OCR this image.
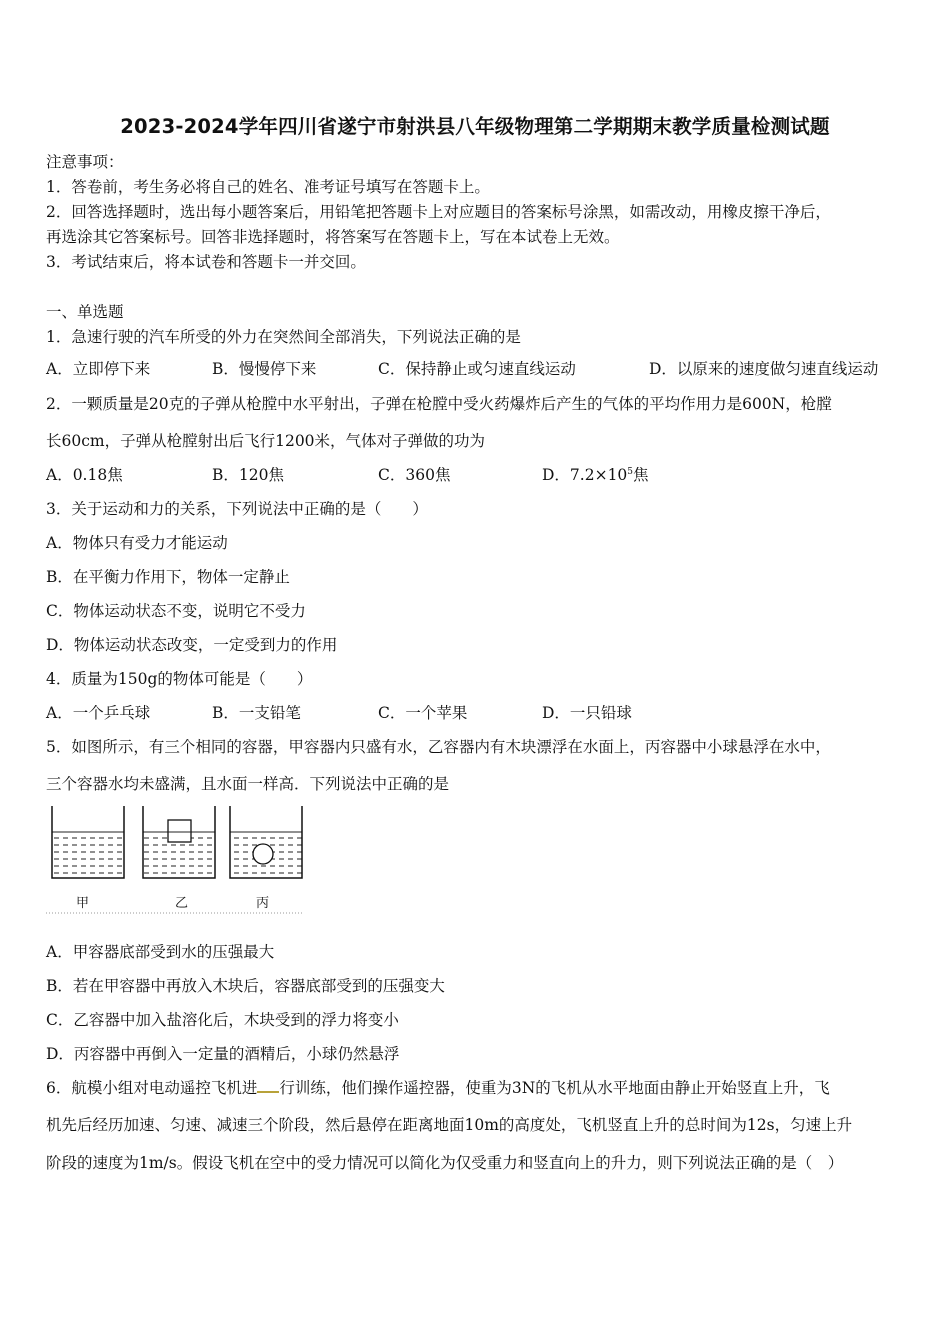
2023-2024学年四川省遂宁市射洪县八年级物理第二学期期末教学质量检测试题
注意事项：
1．答卷前，考生务必将自己的姓名、准考证号填写在答题卡上。
2．回答选择题时，选出每小题答案后，用铅笔把答题卡上对应题目的答案标号涂黑，如需改动，用橡皮擦干净后，
再选涂其它答案标号。回答非选择题时，将答案写在答题卡上，写在本试卷上无效。
3．考试结束后，将本试卷和答题卡一并交回。
一、单选题
1．急速行驶的汽车所受的外力在突然间全部消失，下列说法正确的是
A．立即停下来	B．慢慢停下来	C．保持静止或匀速直线运动	D．以原来的速度做匀速直线运动
2．一颗质量是20克的子弹从枪膛中水平射出，子弹在枪膛中受火药爆炸后产生的气体的平均作用力是600N，枪膛
长60cm，子弹从枪膛射出后飞行1200米，气体对子弹做的功为
A．0.18焦	B．120焦	C．360焦	D．$7.2\times 10^5$焦
3．关于运动和力的关系，下列说法中正确的是（　　）
A．物体只有受力才能运动
B．在平衡力作用下，物体一定静止
C．物体运动状态不变，说明它不受力
D．物体运动状态改变，一定受到力的作用
4．质量为150g的物体可能是（　　）
A．一个乒乓球	B．一支铅笔	C．一个苹果	D．一只铅球
5．如图所示，有三个相同的容器，甲容器内只盛有水，乙容器内有木块漂浮在水面上，丙容器中小球悬浮在水中，
三个容器水均未盛满，且水面一样高．下列说法中正确的是
甲	乙	丙
A．甲容器底部受到水的压强最大
B．若在甲容器中再放入木块后，容器底部受到的压强变大
C．乙容器中加入盐溶化后，木块受到的浮力将变小
D．丙容器中再倒入一定量的酒精后，小球仍然悬浮
6．航模小组对电动遥控飞机进 行训练，他们操作遥控器，使重为3N的飞机从水平地面由静止开始竖直上升，飞
机先后经历加速、匀速、减速三个阶段，然后悬停在距离地面10m的高度处，飞机竖直上升的总时间为12s，匀速上升
阶段的速度为1m/s。假设飞机在空中的受力情况可以简化为仅受重力和竖直向上的升力，则下列说法正确的是（　）
